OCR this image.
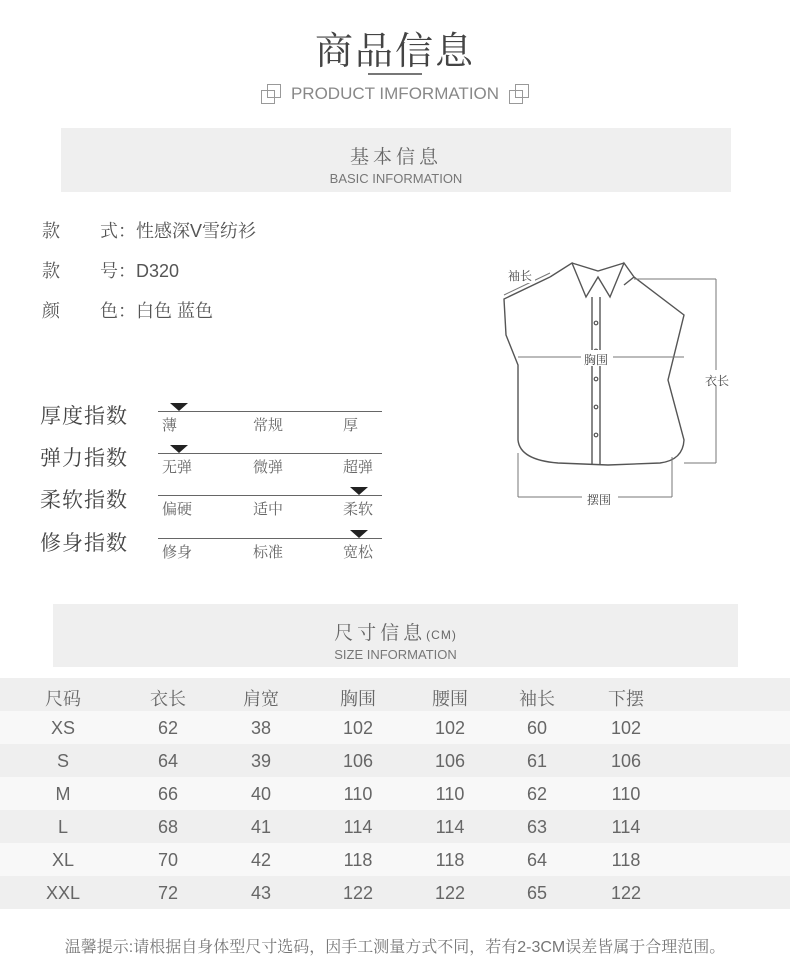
商品信息
PRODUCT IMFORMATION
基本信息
BASIC INFORMATION
款 式：性感深V雪纺衫
款 号：D320
颜 色：白色 蓝色
厚度指数 薄	常规	厚
弹力指数 无弹	微弹	超弹
柔软指数 偏硬	适中	柔软
修身指数 修身	标准	宽松
袖长
胸围
衣长
摆围
尺寸信息(CM)
SIZE INFORMATION
尺码	衣长	肩宽	胸围	腰围	袖长	下摆
XS	62	38	102	102	60	102
S	64	39	106	106	61	106
M	66	40	110	110	62	110
L	68	41	114	114	63	114
XL	70	42	118	118	64	118
XXL	72	43	122	122	65	122
温馨提示:请根据自身体型尺寸选码，因手工测量方式不同，若有2-3CM误差皆属于合理范围。
